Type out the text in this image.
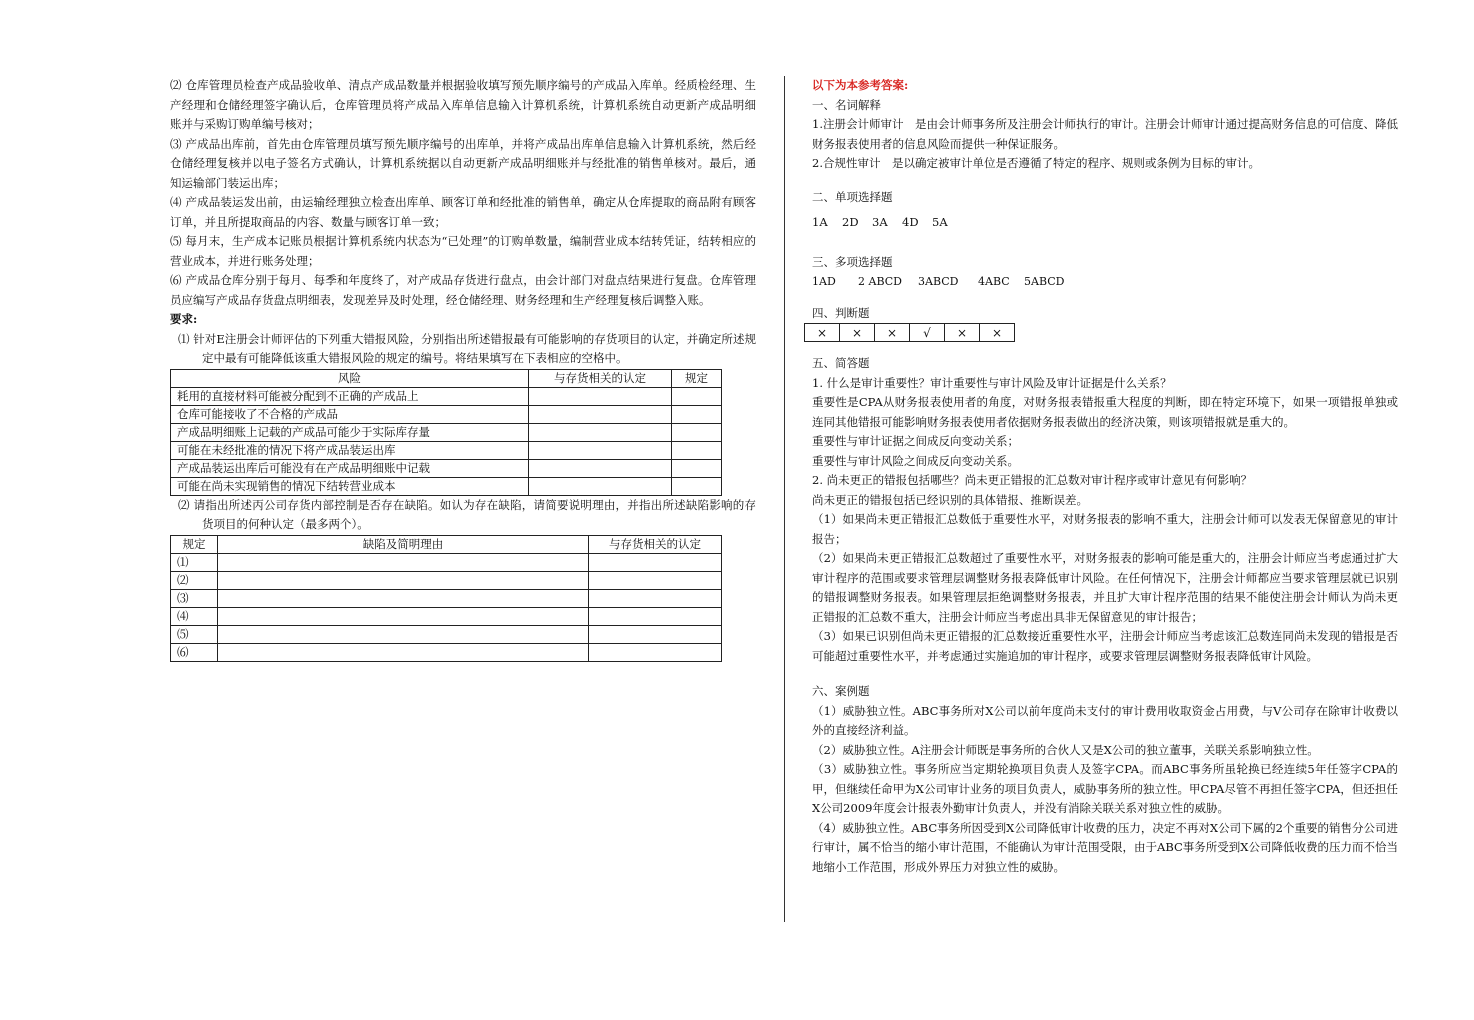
⑵ 仓库管理员检查产成品验收单、清点产成品数量并根据验收填写预先顺序编号的产成品入库单。经质检经理、生产经理和仓储经理签字确认后，仓库管理员将产成品入库单信息输入计算机系统，计算机系统自动更新产成品明细账并与采购订购单编号核对；

⑶ 产成品出库前，首先由仓库管理员填写预先顺序编号的出库单，并将产成品出库单信息输入计算机系统，然后经仓储经理复核并以电子签名方式确认，计算机系统据以自动更新产成品明细账并与经批准的销售单核对。最后，通知运输部门装运出库；

⑷ 产成品装运发出前，由运输经理独立检查出库单、顾客订单和经批准的销售单，确定从仓库提取的商品附有顾客订单，并且所提取商品的内容、数量与顾客订单一致；

⑸ 每月末，生产成本记账员根据计算机系统内状态为“已处理”的订购单数量，编制营业成本结转凭证，结转相应的营业成本，并进行账务处理；

⑹ 产成品仓库分别于每月、每季和年度终了，对产成品存货进行盘点，由会计部门对盘点结果进行复盘。仓库管理员应编写产成品存货盘点明细表，发现差异及时处理，经仓储经理、财务经理和生产经理复核后调整入账。

要求:

⑴ 针对E注册会计师评估的下列重大错报风险，分别指出所述错报最有可能影响的存货项目的认定，并确定所述规定中最有可能降低该重大错报风险的规定的编号。将结果填写在下表相应的空格中。

风险	与存货相关的认定	规定
耗用的直接材料可能被分配到不正确的产成品上		
仓库可能接收了不合格的产成品		
产成品明细账上记载的产成品可能少于实际库存量		
可能在未经批准的情况下将产成品装运出库		
产成品装运出库后可能没有在产成品明细账中记载		
可能在尚未实现销售的情况下结转营业成本		

⑵ 请指出所述丙公司存货内部控制是否存在缺陷。如认为存在缺陷，请简要说明理由，并指出所述缺陷影响的存货项目的何种认定（最多两个）。

规定	缺陷及简明理由	与存货相关的认定
⑴		
⑵		
⑶		
⑷		
⑸		
⑹		

以下为本参考答案:

一、名词解释

1.注册会计师审计　是由会计师事务所及注册会计师执行的审计。注册会计师审计通过提高财务信息的可信度、降低财务报表使用者的信息风险而提供一种保证服务。

2.合规性审计　是以确定被审计单位是否遵循了特定的程序、规则或条例为目标的审计。

二、单项选择题

1A 2D 3A 4D 5A

三、多项选择题

1AD 2 ABCD 3ABCD 4ABC 5ABCD

四、判断题

×	×	×	√	×	×

五、简答题

1. 什么是审计重要性？审计重要性与审计风险及审计证据是什么关系？

重要性是CPA从财务报表使用者的角度，对财务报表错报重大程度的判断，即在特定环境下，如果一项错报单独或连同其他错报可能影响财务报表使用者依据财务报表做出的经济决策，则该项错报就是重大的。

重要性与审计证据之间成反向变动关系；

重要性与审计风险之间成反向变动关系。

2. 尚未更正的错报包括哪些？尚未更正错报的汇总数对审计程序或审计意见有何影响？

尚未更正的错报包括已经识别的具体错报、推断误差。

（1）如果尚未更正错报汇总数低于重要性水平，对财务报表的影响不重大，注册会计师可以发表无保留意见的审计报告；

（2）如果尚未更正错报汇总数超过了重要性水平，对财务报表的影响可能是重大的，注册会计师应当考虑通过扩大审计程序的范围或要求管理层调整财务报表降低审计风险。在任何情况下，注册会计师都应当要求管理层就已识别的错报调整财务报表。如果管理层拒绝调整财务报表，并且扩大审计程序范围的结果不能使注册会计师认为尚未更正错报的汇总数不重大，注册会计师应当考虑出具非无保留意见的审计报告；

（3）如果已识别但尚未更正错报的汇总数接近重要性水平，注册会计师应当考虑该汇总数连同尚未发现的错报是否可能超过重要性水平，并考虑通过实施追加的审计程序，或要求管理层调整财务报表降低审计风险。

六、案例题

（1）威胁独立性。ABC事务所对X公司以前年度尚未支付的审计费用收取资金占用费，与V公司存在除审计收费以外的直接经济利益。

（2）威胁独立性。A注册会计师既是事务所的合伙人又是X公司的独立董事，关联关系影响独立性。

（3）威胁独立性。事务所应当定期轮换项目负责人及签字CPA。而ABC事务所虽轮换已经连续5年任签字CPA的甲，但继续任命甲为X公司审计业务的项目负责人，威胁事务所的独立性。甲CPA尽管不再担任签字CPA，但还担任X公司2009年度会计报表外勤审计负责人，并没有消除关联关系对独立性的威胁。

（4）威胁独立性。ABC事务所因受到X公司降低审计收费的压力，决定不再对X公司下属的2个重要的销售分公司进行审计，属不恰当的缩小审计范围，不能确认为审计范围受限，由于ABC事务所受到X公司降低收费的压力而不恰当地缩小工作范围，形成外界压力对独立性的威胁。
